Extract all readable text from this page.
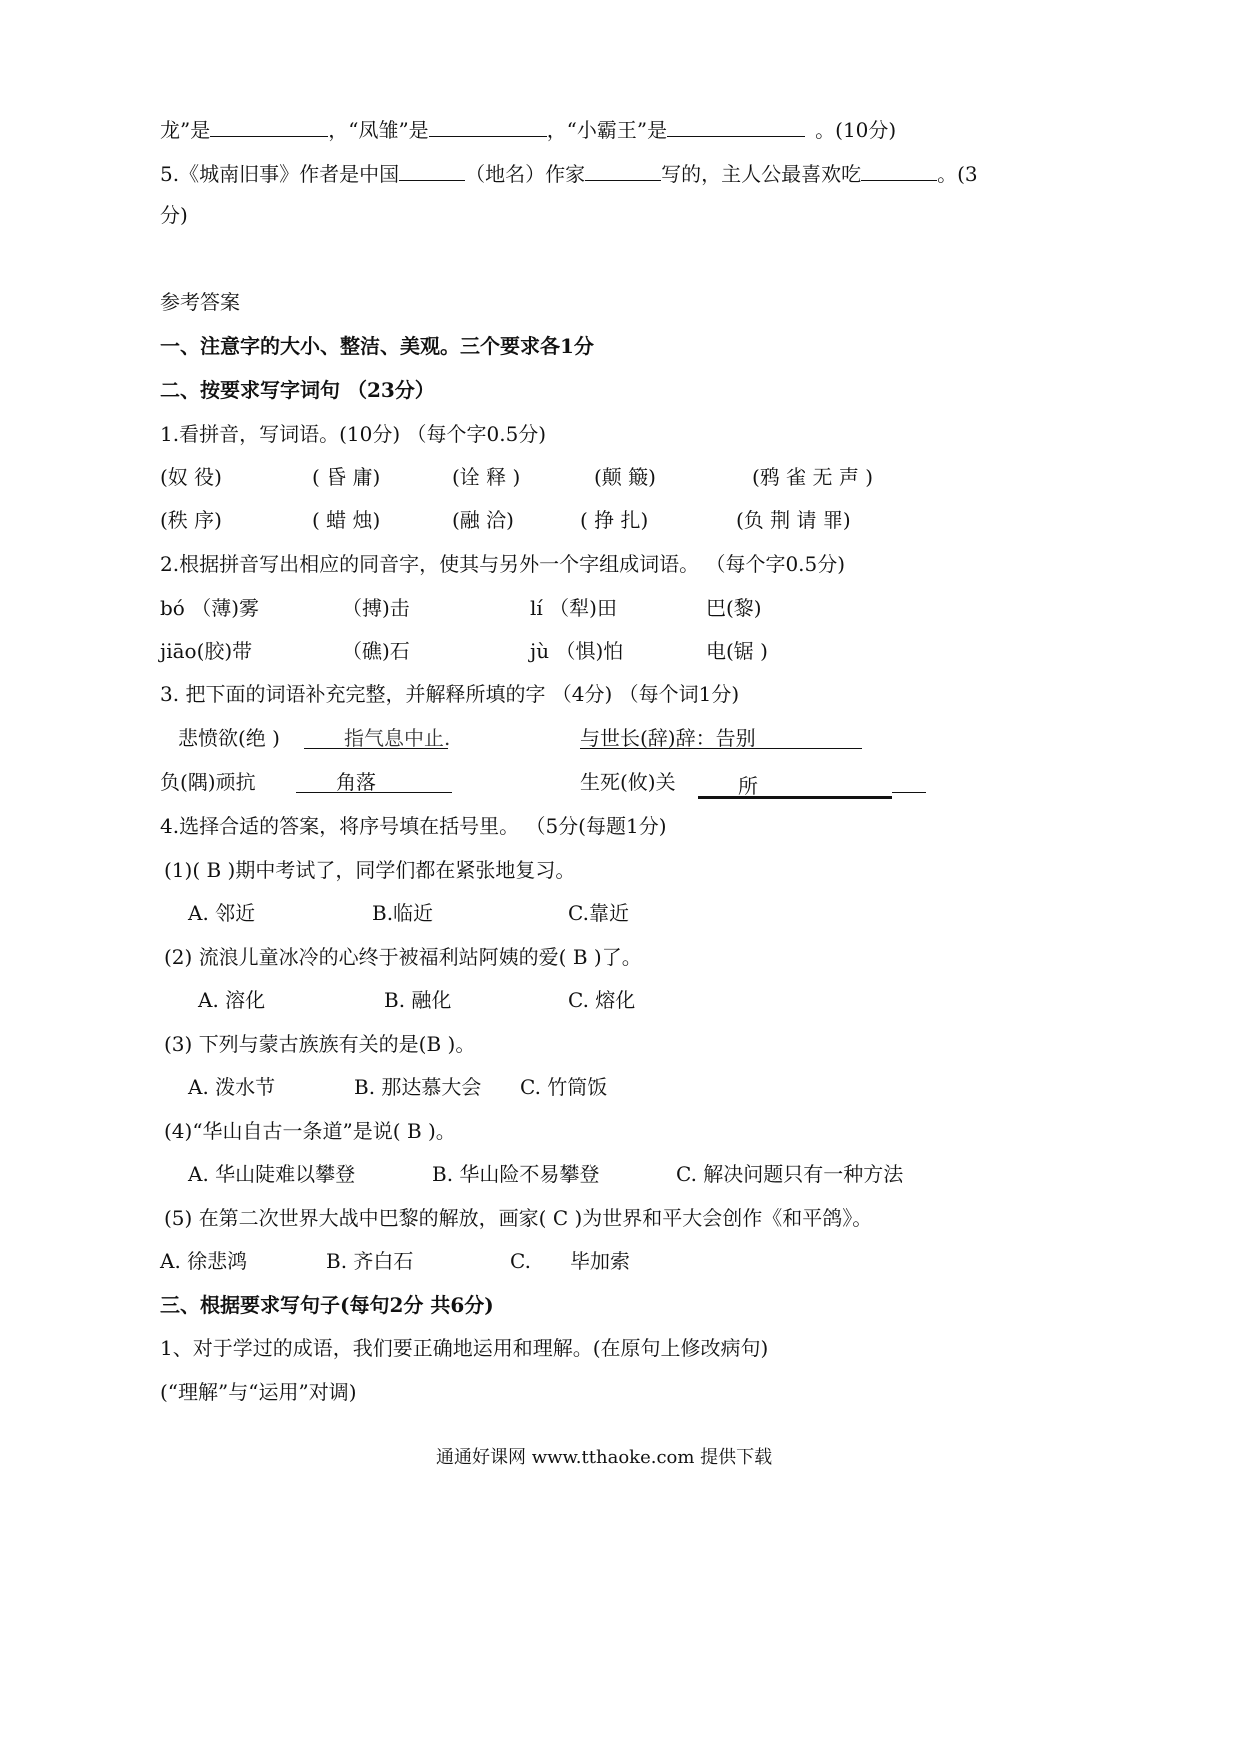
龙”是	，“凤雏”是	，“小霸王”是	。(10分)
5.《城南旧事》作者是中国	（地名）作家	写的，主人公最喜欢吃	。(3
分)
参考答案
一、注意字的大小、整洁、美观。三个要求各1分
二、按要求写字词句 （23分）
1.看拼音，写词语。(10分) （每个字0.5分)
(奴 役)	( 昏 庸)	(诠 释 )	(颠 簸)	(鸦 雀 无 声 )
(秩 序)	( 蜡 烛)	(融 洽)	( 挣 扎)	(负 荆 请 罪)
2.根据拼音写出相应的同音字，使其与另外一个字组成词语。 （每个字0.5分)
bó （薄)雾	（搏)击	lí （犁)田	巴(黎)
jiāo(胶)带	（礁)石	jù （惧)怕	电(锯 )
3. 把下面的词语补充完整，并解释所填的字 （4分) （每个词1分)
悲愤欲(绝 )	指气息中止.	与世长(辞)辞：告别
负(隅)顽抗	角落	生死(攸)关	所
4.选择合适的答案，将序号填在括号里。 （5分(每题1分)
(1)( B )期中考试了，同学们都在紧张地复习。
A. 邻近	B.临近	C.靠近
(2) 流浪儿童冰冷的心终于被福利站阿姨的爱( B )了。
A. 溶化	B. 融化	C. 熔化
(3) 下列与蒙古族族有关的是(B )。
A. 泼水节	B. 那达慕大会 C. 竹筒饭
(4)“华山自古一条道”是说( B )。
A. 华山陡难以攀登	B. 华山险不易攀登	C. 解决问题只有一种方法
(5) 在第二次世界大战中巴黎的解放，画家( C )为世界和平大会创作《和平鸽》。
A. 徐悲鸿	B. 齐白石	C. 毕加索
三、根据要求写句子(每句2分 共6分)
1、对于学过的成语，我们要正确地运用和理解。(在原句上修改病句)
(“理解”与“运用”对调)
通通好课网 www.tthaoke.com 提供下载
